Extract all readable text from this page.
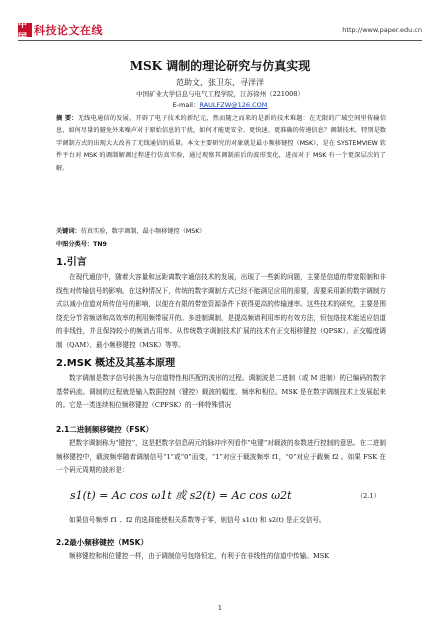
中国
科技论文在线	http://www.paper.edu.cn
MSK 调制的理论研究与仿真实现
范助文，张卫东，寻洋洋
中国矿业大学信息与电气工程学院，江苏徐州（221008）
E-mail：RAULFZW@126.COM
摘 要：无线电通信的发展，开辟了电子技术的新纪元，然而随之而来的是新的技术难题：在无限的广域空间里传输信息，如何尽量的避免外来噪声对于原始信息的干扰，如何才能更安全、更快速、更准确的传递信息？调制技术，特别是数字调制方式的出现大大改善了无线通信的质量。本文主要研究的对象就是最小频移键控（MSK），是在 SYSTEMVIEW 软件平台对 MSK 的调制解调过程进行仿真实验，通过观察其调制前后的波形变化，进而对于 MSK 有一个更深层次的了解。
关键词：仿真实验，数字调制，最小频移键控（MSK）
中图分类号：TN9
1.引言
在现代通信中，随着大容量和远距离数字通信技术的发展，出现了一些新的问题，主要是信道的带宽限制和非线性对传输信号的影响。在这种情况下，传统的数字调制方式已经不能满足应用的需要，需要采用新的数字调制方式以减小信道对所传信号的影响，以便在有限的带宽资源条件下获得更高的传输速率。这些技术的研究，主要是围绕充分节省频谱和高效率的利用频带展开的。多进制调制，是提高频谱利用率的有效方法，恒包络技术能适应信道的非线性，并且保持较小的频谱占用率。从传统数字调制技术扩展的技术有正交相移键控（QPSK）、正交幅度调制（QAM）、最小频移键控（MSK）等等。
2.MSK 概述及其基本原理
数字调制是数字信号转换为与信道特性相匹配的波形的过程。调制波是二进制（或 M 进制）的已编码的数字基带码流。调制的过程就是输入数据控制（键控）载波的幅度、频率和相位。MSK 是在数字调制技术上发展起来的。它是一类连续相位频移键控（CPFSK）的一种特殊情况
2.1二进制频移键控（FSK）
把数字调制称为“键控”，这是把数字信息码元的脉冲序列看作“电键”对载波的参数进行控制的意思。在二进制频移键控中，载波频率随着调制信号“1”或“0”而变，“1”对应于载波频率 f1，“0”对应于载频 f2 。如果 FSK 在一个码元周期的波形是：
s1(t) = Ac cos ω1t 或 s2(t) = Ac cos ω2t	（2.1）
如果信号频率 f1 、f2 的选择能使相关系数等于零，则信号 s1(t) 和 s2(t) 是正交信号。
2.2最小频移键控（MSK）
频移键控和相位键控一样，由于调制信号包络恒定，有利于在非线性的信道中传输。MSK
1
